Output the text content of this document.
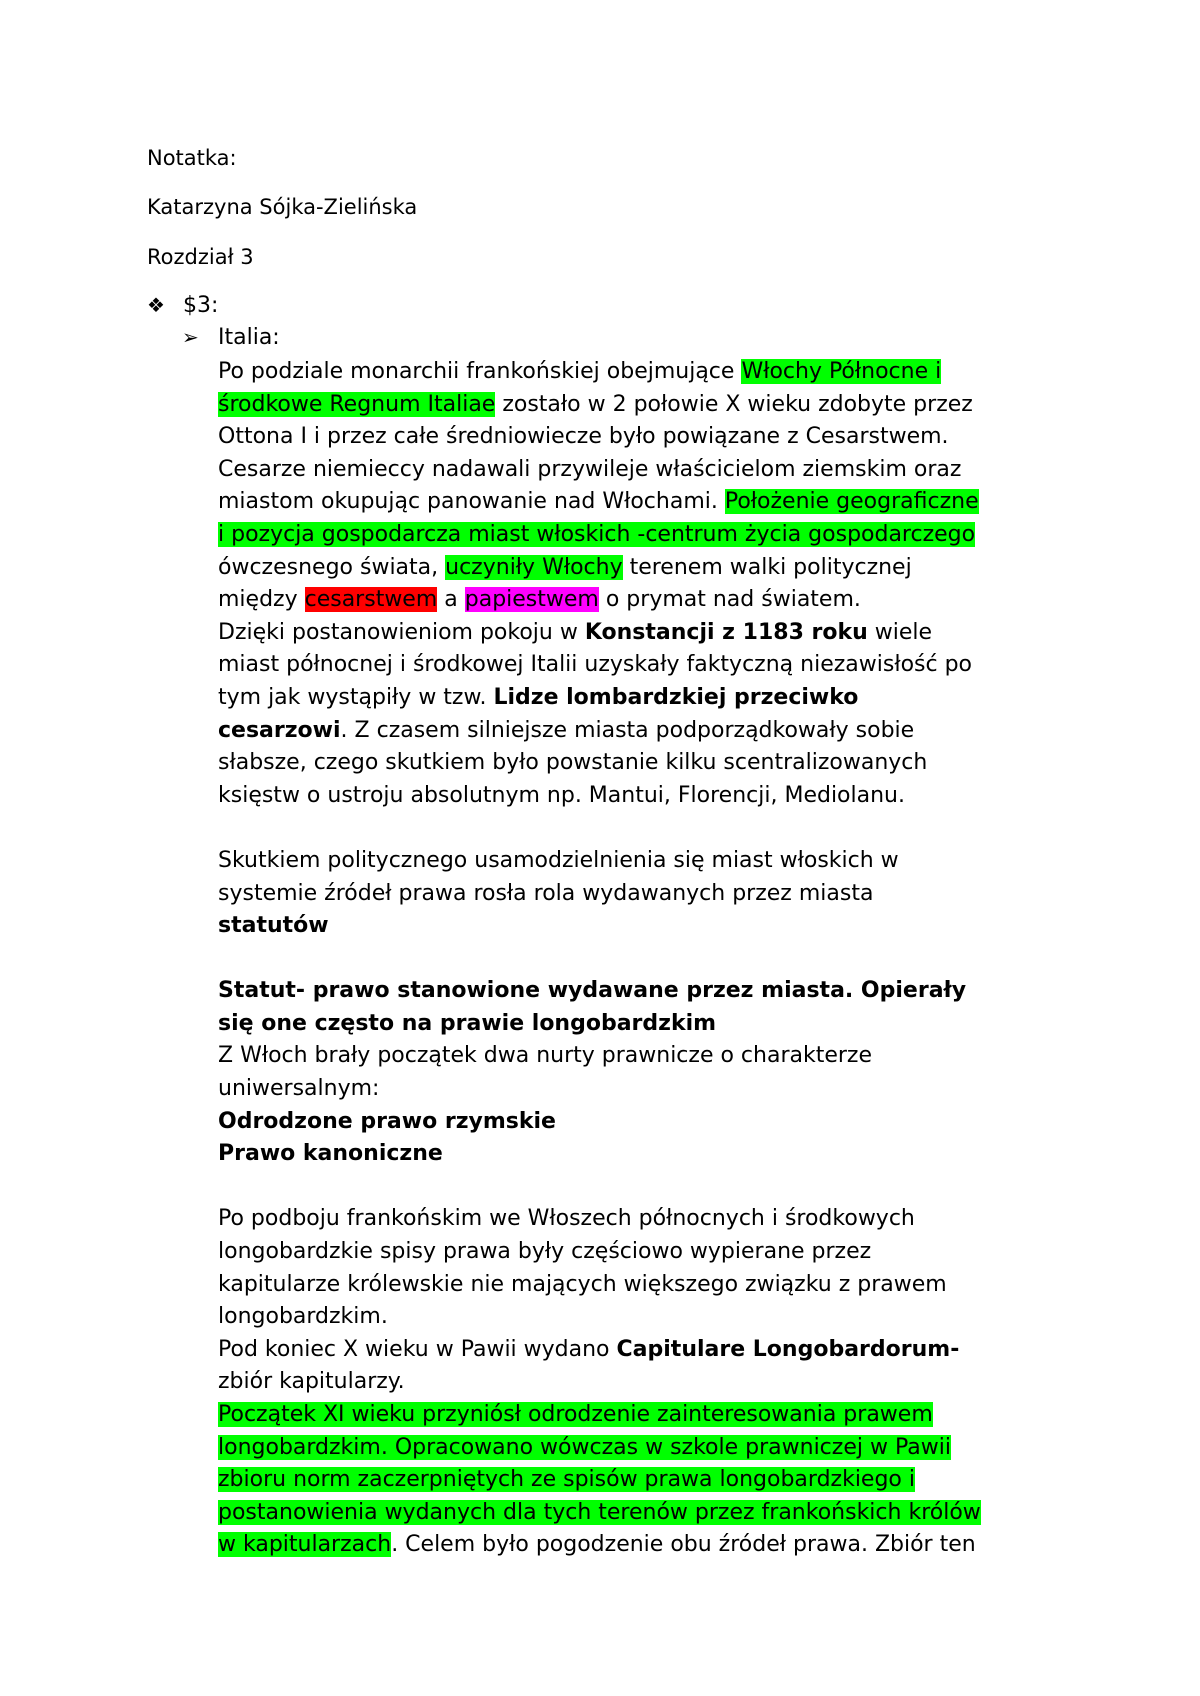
Notatka:
Katarzyna Sójka-Zielińska
Rozdział 3
❖ $3:
➢ Italia:

Po podziale monarchii frankońskiej obejmujące Włochy Północne i
środkowe Regnum Italiae zostało w 2 połowie X wieku zdobyte przez
Ottona I i przez całe średniowiecze było powiązane z Cesarstwem.
Cesarze niemieccy nadawali przywileje właścicielom ziemskim oraz
miastom okupując panowanie nad Włochami. Położenie geograficzne
i pozycja gospodarcza miast włoskich -centrum życia gospodarczego
ówczesnego świata, uczyniły Włochy terenem walki politycznej
między cesarstwem a papiestwem o prymat nad światem.

Dzięki postanowieniom pokoju w Konstancji z 1183 roku wiele
miast północnej i środkowej Italii uzyskały faktyczną niezawisłość po
tym jak wystąpiły w tzw. Lidze lombardzkiej przeciwko
cesarzowi. Z czasem silniejsze miasta podporządkowały sobie
słabsze, czego skutkiem było powstanie kilku scentralizowanych
księstw o ustroju absolutnym np. Mantui, Florencji, Mediolanu.

Skutkiem politycznego usamodzielnienia się miast włoskich w
systemie źródeł prawa rosła rola wydawanych przez miasta
statutów

Statut- prawo stanowione wydawane przez miasta. Opierały
się one często na prawie longobardzkim
Z Włoch brały początek dwa nurty prawnicze o charakterze
uniwersalnym:
Odrodzone prawo rzymskie
Prawo kanoniczne

Po podboju frankońskim we Włoszech północnych i środkowych
longobardzkie spisy prawa były częściowo wypierane przez
kapitularze królewskie nie mających większego związku z prawem
longobardzkim.
Pod koniec X wieku w Pawii wydano Capitulare Longobardorum-
zbiór kapitularzy.
Początek XI wieku przyniósł odrodzenie zainteresowania prawem
longobardzkim. Opracowano wówczas w szkole prawniczej w Pawii
zbioru norm zaczerpniętych ze spisów prawa longobardzkiego i
postanowienia wydanych dla tych terenów przez frankońskich królów
w kapitularzach. Celem było pogodzenie obu źródeł prawa. Zbiór ten
